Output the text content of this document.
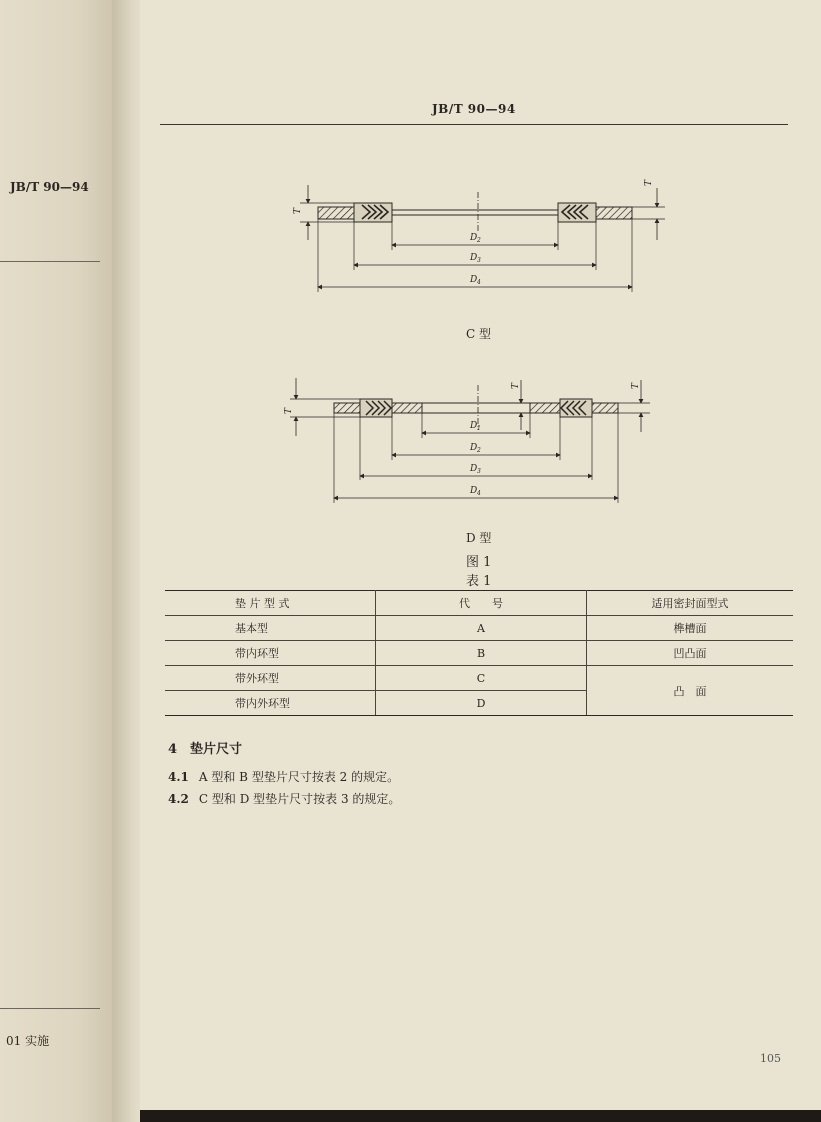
JB/T 90—94
01 实施
JB/T 90—94
T
T
D 2
D 3
D 4
T
T	T
D 1
D 2
D 3
D 4
C 型
D 型
图 1
表 1
垫 片 型 式	代　　号	适用密封面型式
基本型	A	榫槽面
带内环型	B	凹凸面
带外环型	C	凸　面
带内外环型	D	
4　垫片尺寸
4.1 A 型和 B 型垫片尺寸按表 2 的规定。
4.2 C 型和 D 型垫片尺寸按表 3 的规定。
105
